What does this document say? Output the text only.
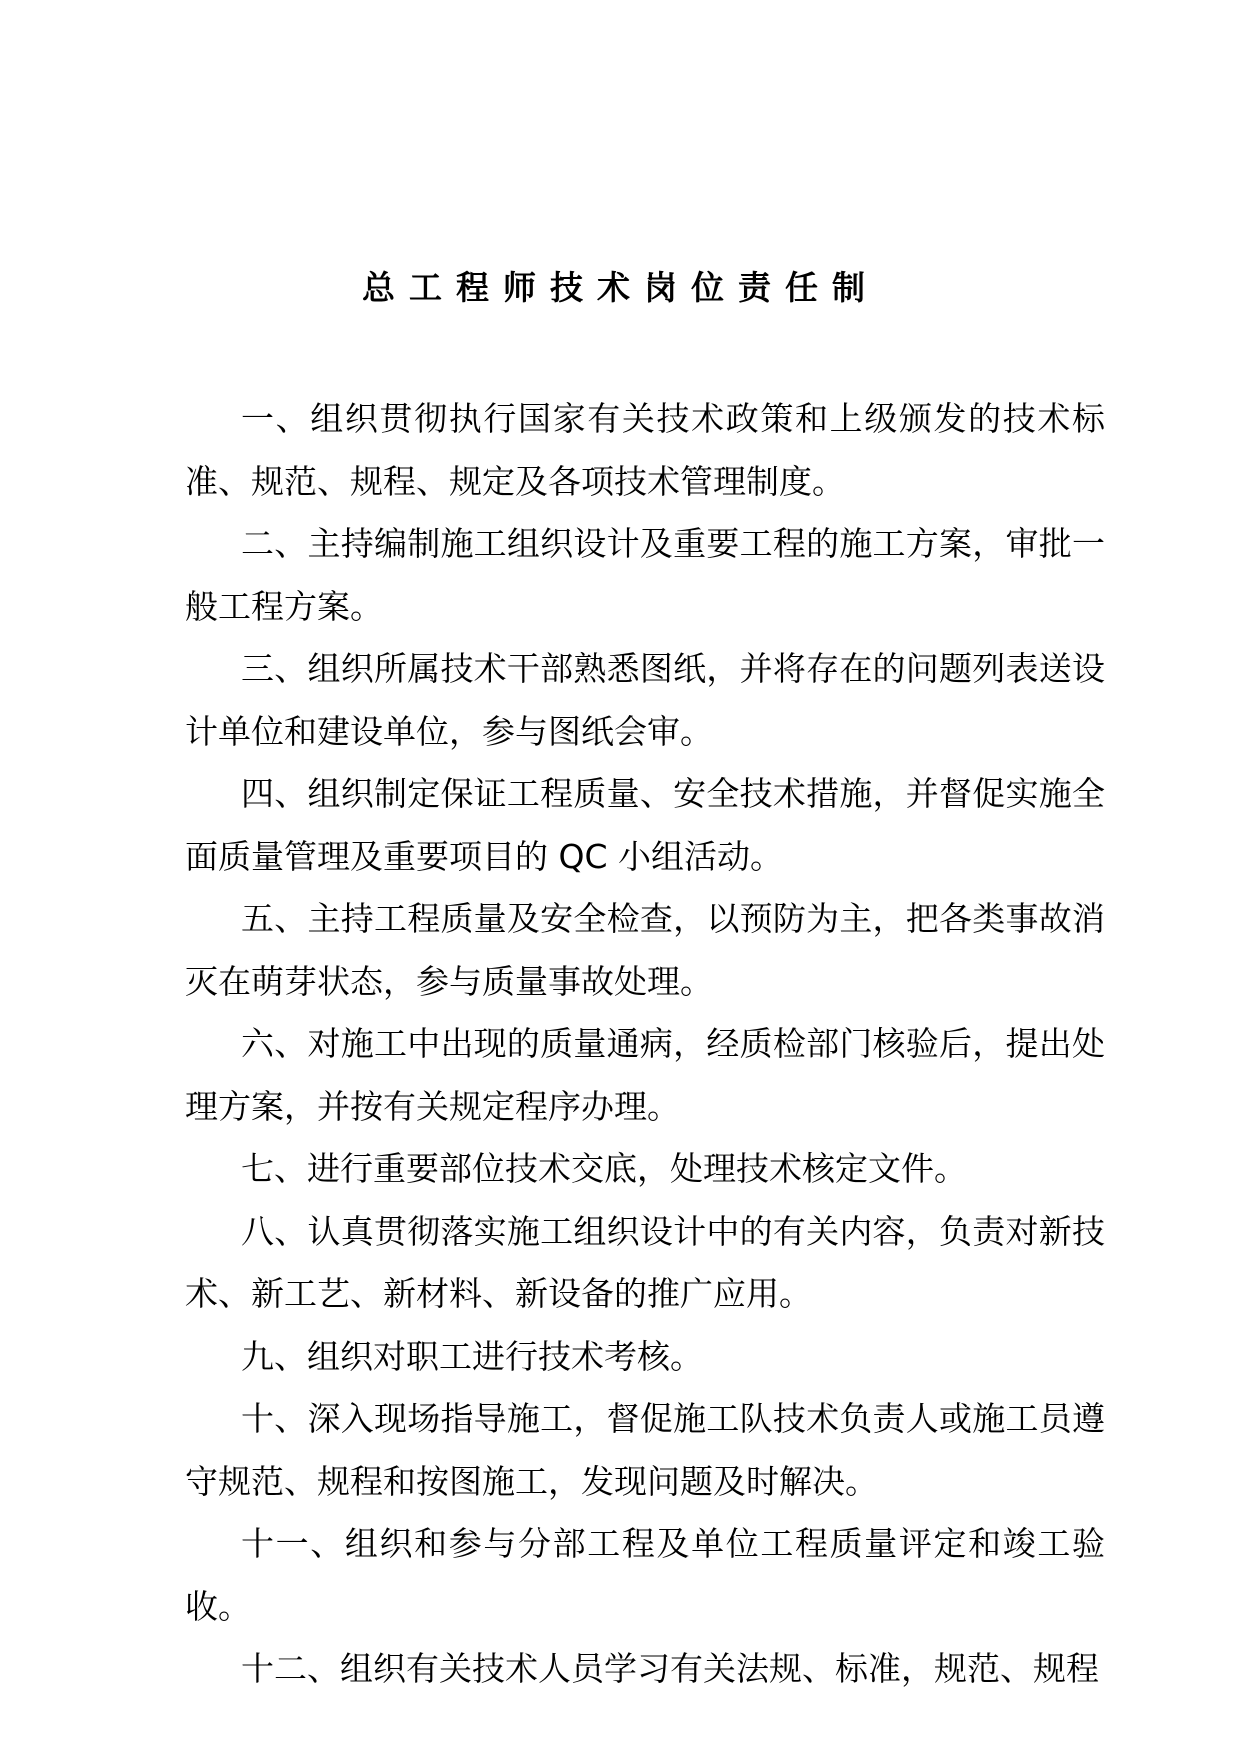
总工程师技术岗位责任制

一、组织贯彻执行国家有关技术政策和上级颁发的技术标准、规范、规程、规定及各项技术管理制度。

二、主持编制施工组织设计及重要工程的施工方案，审批一般工程方案。

三、组织所属技术干部熟悉图纸，并将存在的问题列表送设计单位和建设单位，参与图纸会审。

四、组织制定保证工程质量、安全技术措施，并督促实施全面质量管理及重要项目的 QC 小组活动。

五、主持工程质量及安全检查，以预防为主，把各类事故消灭在萌芽状态，参与质量事故处理。

六、对施工中出现的质量通病，经质检部门核验后，提出处理方案，并按有关规定程序办理。

七、进行重要部位技术交底，处理技术核定文件。

八、认真贯彻落实施工组织设计中的有关内容，负责对新技术、新工艺、新材料、新设备的推广应用。

九、组织对职工进行技术考核。

十、深入现场指导施工，督促施工队技术负责人或施工员遵守规范、规程和按图施工，发现问题及时解决。

十一、组织和参与分部工程及单位工程质量评定和竣工验收。

十二、组织有关技术人员学习有关法规、标准，规范、规程
